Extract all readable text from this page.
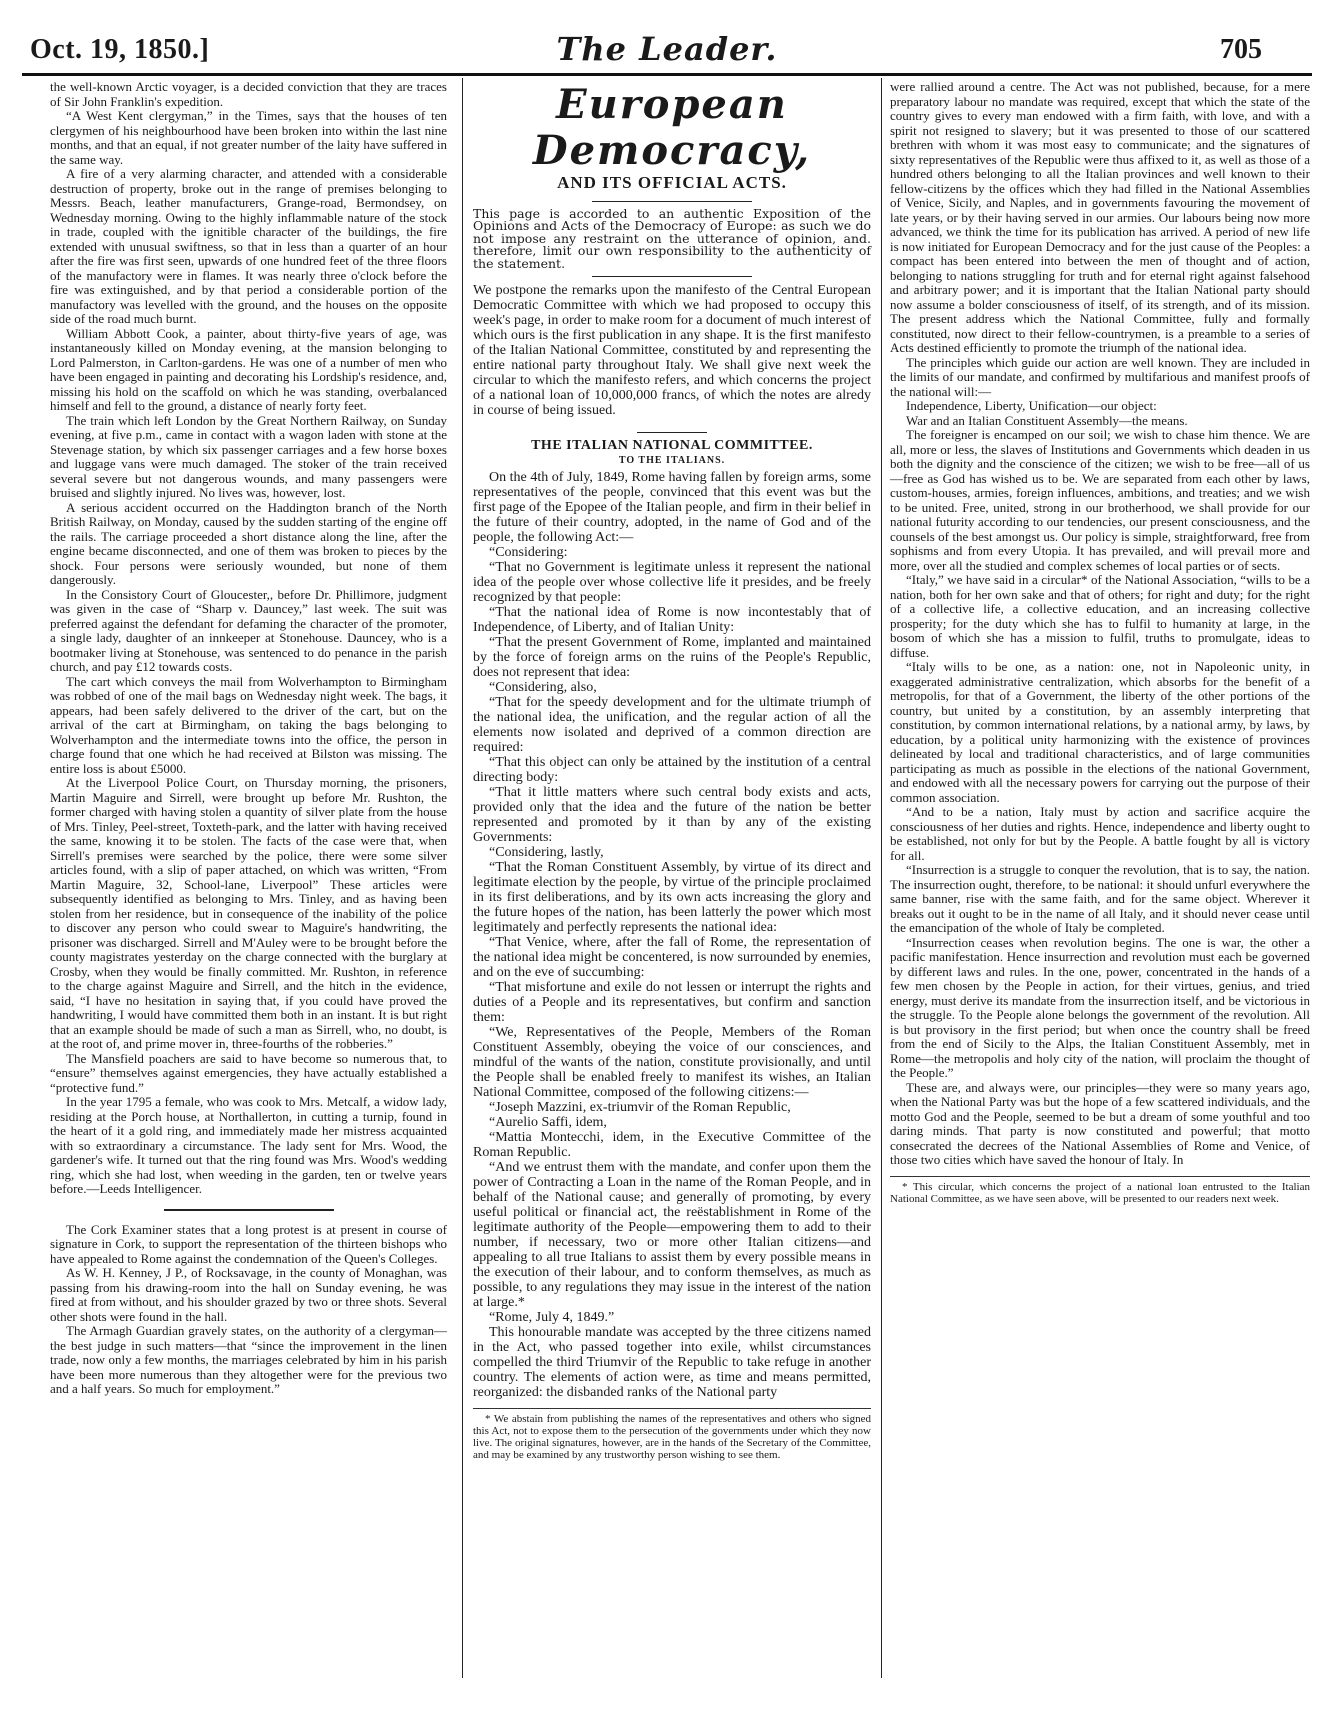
Oct. 19, 1850.]	The Leader.	705

the well-known Arctic voyager, is a decided conviction that they are traces of Sir John Franklin's expedition.

“A West Kent clergyman,” in the Times, says that the houses of ten clergymen of his neighbourhood have been broken into within the last nine months, and that an equal, if not greater number of the laity have suffered in the same way.

A fire of a very alarming character, and attended with a considerable destruction of property, broke out in the range of premises belonging to Messrs. Beach, leather manufacturers, Grange-road, Bermondsey, on Wednesday morning. Owing to the highly inflammable nature of the stock in trade, coupled with the ignitible character of the buildings, the fire extended with unusual swiftness, so that in less than a quarter of an hour after the fire was first seen, upwards of one hundred feet of the three floors of the manufactory were in flames. It was nearly three o'clock before the fire was extinguished, and by that period a considerable portion of the manufactory was levelled with the ground, and the houses on the opposite side of the road much burnt.

William Abbott Cook, a painter, about thirty-five years of age, was instantaneously killed on Monday evening, at the mansion belonging to Lord Palmerston, in Carlton-gardens. He was one of a number of men who have been engaged in painting and decorating his Lordship's residence, and, missing his hold on the scaffold on which he was standing, overbalanced himself and fell to the ground, a distance of nearly forty feet.

The train which left London by the Great Northern Railway, on Sunday evening, at five p.m., came in contact with a wagon laden with stone at the Stevenage station, by which six passenger carriages and a few horse boxes and luggage vans were much damaged. The stoker of the train received several severe but not dangerous wounds, and many passengers were bruised and slightly injured. No lives was, however, lost.

A serious accident occurred on the Haddington branch of the North British Railway, on Monday, caused by the sudden starting of the engine off the rails. The carriage proceeded a short distance along the line, after the engine became disconnected, and one of them was broken to pieces by the shock. Four persons were seriously wounded, but none of them dangerously.

In the Consistory Court of Gloucester,, before Dr. Phillimore, judgment was given in the case of “Sharp v. Dauncey,” last week. The suit was preferred against the defendant for defaming the character of the promoter, a single lady, daughter of an innkeeper at Stonehouse. Dauncey, who is a bootmaker living at Stonehouse, was sentenced to do penance in the parish church, and pay £12 towards costs.

The cart which conveys the mail from Wolverhampton to Birmingham was robbed of one of the mail bags on Wednesday night week. The bags, it appears, had been safely delivered to the driver of the cart, but on the arrival of the cart at Birmingham, on taking the bags belonging to Wolverhampton and the intermediate towns into the office, the person in charge found that one which he had received at Bilston was missing. The entire loss is about £5000.

At the Liverpool Police Court, on Thursday morning, the prisoners, Martin Maguire and Sirrell, were brought up before Mr. Rushton, the former charged with having stolen a quantity of silver plate from the house of Mrs. Tinley, Peel-street, Toxteth-park, and the latter with having received the same, knowing it to be stolen. The facts of the case were that, when Sirrell's premises were searched by the police, there were some silver articles found, with a slip of paper attached, on which was written, “From Martin Maguire, 32, School-lane, Liverpool” These articles were subsequently identified as belonging to Mrs. Tinley, and as having been stolen from her residence, but in consequence of the inability of the police to discover any person who could swear to Maguire's handwriting, the prisoner was discharged. Sirrell and M'Auley were to be brought before the county magistrates yesterday on the charge connected with the burglary at Crosby, when they would be finally committed. Mr. Rushton, in reference to the charge against Maguire and Sirrell, and the hitch in the evidence, said, “I have no hesitation in saying that, if you could have proved the handwriting, I would have committed them both in an instant. It is but right that an example should be made of such a man as Sirrell, who, no doubt, is at the root of, and prime mover in, three-fourths of the robberies.”

The Mansfield poachers are said to have become so numerous that, to “ensure” themselves against emergencies, they have actually established a “protective fund.”

In the year 1795 a female, who was cook to Mrs. Metcalf, a widow lady, residing at the Porch house, at Northallerton, in cutting a turnip, found in the heart of it a gold ring, and immediately made her mistress acquainted with so extraordinary a circumstance. The lady sent for Mrs. Wood, the gardener's wife. It turned out that the ring found was Mrs. Wood's wedding ring, which she had lost, when weeding in the garden, ten or twelve years before.—Leeds Intelligencer.

The Cork Examiner states that a long protest is at present in course of signature in Cork, to support the representation of the thirteen bishops who have appealed to Rome against the condemnation of the Queen's Colleges.

As W. H. Kenney, J P., of Rocksavage, in the county of Monaghan, was passing from his drawing-room into the hall on Sunday evening, he was fired at from without, and his shoulder grazed by two or three shots. Several other shots were found in the hall.

The Armagh Guardian gravely states, on the authority of a clergyman—the best judge in such matters—that “since the improvement in the linen trade, now only a few months, the marriages celebrated by him in his parish have been more numerous than they altogether were for the previous two and a half years. So much for employment.”

European Democracy,
AND ITS OFFICIAL ACTS.
This page is accorded to an authentic Exposition of the Opinions and Acts of the Democracy of Europe: as such we do not impose any restraint on the utterance of opinion, and. therefore, limit our own responsibility to the authenticity of the statement.

We postpone the remarks upon the manifesto of the Central European Democratic Committee with which we had proposed to occupy this week's page, in order to make room for a document of much interest of which ours is the first publication in any shape. It is the first manifesto of the Italian National Committee, constituted by and representing the entire national party throughout Italy. We shall give next week the circular to which the manifesto refers, and which concerns the project of a national loan of 10,000,000 francs, of which the notes are alredy in course of being issued.

THE ITALIAN NATIONAL COMMITTEE.
TO THE ITALIANS.

On the 4th of July, 1849, Rome having fallen by foreign arms, some representatives of the people, convinced that this event was but the first page of the Epopee of the Italian people, and firm in their belief in the future of their country, adopted, in the name of God and of the people, the following Act:—

“Considering:

“That no Government is legitimate unless it represent the national idea of the people over whose collective life it presides, and be freely recognized by that people:

“That the national idea of Rome is now incontestably that of Independence, of Liberty, and of Italian Unity:

“That the present Government of Rome, implanted and maintained by the force of foreign arms on the ruins of the People's Republic, does not represent that idea:

“Considering, also,

“That for the speedy development and for the ultimate triumph of the national idea, the unification, and the regular action of all the elements now isolated and deprived of a common direction are required:

“That this object can only be attained by the institution of a central directing body:

“That it little matters where such central body exists and acts, provided only that the idea and the future of the nation be better represented and promoted by it than by any of the existing Governments:

“Considering, lastly,

“That the Roman Constituent Assembly, by virtue of its direct and legitimate election by the people, by virtue of the principle proclaimed in its first deliberations, and by its own acts increasing the glory and the future hopes of the nation, has been latterly the power which most legitimately and perfectly represents the national idea:

“That Venice, where, after the fall of Rome, the representation of the national idea might be concentered, is now surrounded by enemies, and on the eve of succumbing:

“That misfortune and exile do not lessen or interrupt the rights and duties of a People and its representatives, but confirm and sanction them:

“We, Representatives of the People, Members of the Roman Constituent Assembly, obeying the voice of our consciences, and mindful of the wants of the nation, constitute provisionally, and until the People shall be enabled freely to manifest its wishes, an Italian National Committee, composed of the following citizens:—

“Joseph Mazzini, ex-triumvir of the Roman Republic,

“Aurelio Saffi, idem,

“Mattia Montecchi, idem, in the Executive Committee of the Roman Republic.

“And we entrust them with the mandate, and confer upon them the power of Contracting a Loan in the name of the Roman People, and in behalf of the National cause; and generally of promoting, by every useful political or financial act, the reëstablishment in Rome of the legitimate authority of the People—empowering them to add to their number, if necessary, two or more other Italian citizens—and appealing to all true Italians to assist them by every possible means in the execution of their labour, and to conform themselves, as much as possible, to any regulations they may issue in the interest of the nation at large.*

“Rome, July 4, 1849.”

This honourable mandate was accepted by the three citizens named in the Act, who passed together into exile, whilst circumstances compelled the third Triumvir of the Republic to take refuge in another country. The elements of action were, as time and means permitted, reorganized: the disbanded ranks of the National party

* We abstain from publishing the names of the representatives and others who signed this Act, not to expose them to the persecution of the governments under which they now live. The original signatures, however, are in the hands of the Secretary of the Committee, and may be examined by any trustworthy person wishing to see them.

were rallied around a centre. The Act was not published, because, for a mere preparatory labour no mandate was required, except that which the state of the country gives to every man endowed with a firm faith, with love, and with a spirit not resigned to slavery; but it was presented to those of our scattered brethren with whom it was most easy to communicate; and the signatures of sixty representatives of the Republic were thus affixed to it, as well as those of a hundred others belonging to all the Italian provinces and well known to their fellow-citizens by the offices which they had filled in the National Assemblies of Venice, Sicily, and Naples, and in governments favouring the movement of late years, or by their having served in our armies. Our labours being now more advanced, we think the time for its publication has arrived. A period of new life is now initiated for European Democracy and for the just cause of the Peoples: a compact has been entered into between the men of thought and of action, belonging to nations struggling for truth and for eternal right against falsehood and arbitrary power; and it is important that the Italian National party should now assume a bolder consciousness of itself, of its strength, and of its mission. The present address which the National Committee, fully and formally constituted, now direct to their fellow-countrymen, is a preamble to a series of Acts destined efficiently to promote the triumph of the national idea.

The principles which guide our action are well known. They are included in the limits of our mandate, and confirmed by multifarious and manifest proofs of the national will:—

Independence, Liberty, Unification—our object:

War and an Italian Constituent Assembly—the means.

The foreigner is encamped on our soil; we wish to chase him thence. We are all, more or less, the slaves of Institutions and Governments which deaden in us both the dignity and the conscience of the citizen; we wish to be free—all of us—free as God has wished us to be. We are separated from each other by laws, custom-houses, armies, foreign influences, ambitions, and treaties; and we wish to be united. Free, united, strong in our brotherhood, we shall provide for our national futurity according to our tendencies, our present consciousness, and the counsels of the best amongst us. Our policy is simple, straightforward, free from sophisms and from every Utopia. It has prevailed, and will prevail more and more, over all the studied and complex schemes of local parties or of sects.

“Italy,” we have said in a circular* of the National Association, “wills to be a nation, both for her own sake and that of others; for right and duty; for the right of a collective life, a collective education, and an increasing collective prosperity; for the duty which she has to fulfil to humanity at large, in the bosom of which she has a mission to fulfil, truths to promulgate, ideas to diffuse.

“Italy wills to be one, as a nation: one, not in Napoleonic unity, in exaggerated administrative centralization, which absorbs for the benefit of a metropolis, for that of a Government, the liberty of the other portions of the country, but united by a constitution, by an assembly interpreting that constitution, by common international relations, by a national army, by laws, by education, by a political unity harmonizing with the existence of provinces delineated by local and traditional characteristics, and of large communities participating as much as possible in the elections of the national Government, and endowed with all the necessary powers for carrying out the purpose of their common association.

“And to be a nation, Italy must by action and sacrifice acquire the consciousness of her duties and rights. Hence, independence and liberty ought to be established, not only for but by the People. A battle fought by all is victory for all.

“Insurrection is a struggle to conquer the revolution, that is to say, the nation. The insurrection ought, therefore, to be national: it should unfurl everywhere the same banner, rise with the same faith, and for the same object. Wherever it breaks out it ought to be in the name of all Italy, and it should never cease until the emancipation of the whole of Italy be completed.

“Insurrection ceases when revolution begins. The one is war, the other a pacific manifestation. Hence insurrection and revolution must each be governed by different laws and rules. In the one, power, concentrated in the hands of a few men chosen by the People in action, for their virtues, genius, and tried energy, must derive its mandate from the insurrection itself, and be victorious in the struggle. To the People alone belongs the government of the revolution. All is but provisory in the first period; but when once the country shall be freed from the end of Sicily to the Alps, the Italian Constituent Assembly, met in Rome—the metropolis and holy city of the nation, will proclaim the thought of the People.”

These are, and always were, our principles—they were so many years ago, when the National Party was but the hope of a few scattered individuals, and the motto God and the People, seemed to be but a dream of some youthful and too daring minds. That party is now constituted and powerful; that motto consecrated the decrees of the National Assemblies of Rome and Venice, of those two cities which have saved the honour of Italy. In

* This circular, which concerns the project of a national loan entrusted to the Italian National Committee, as we have seen above, will be presented to our readers next week.
